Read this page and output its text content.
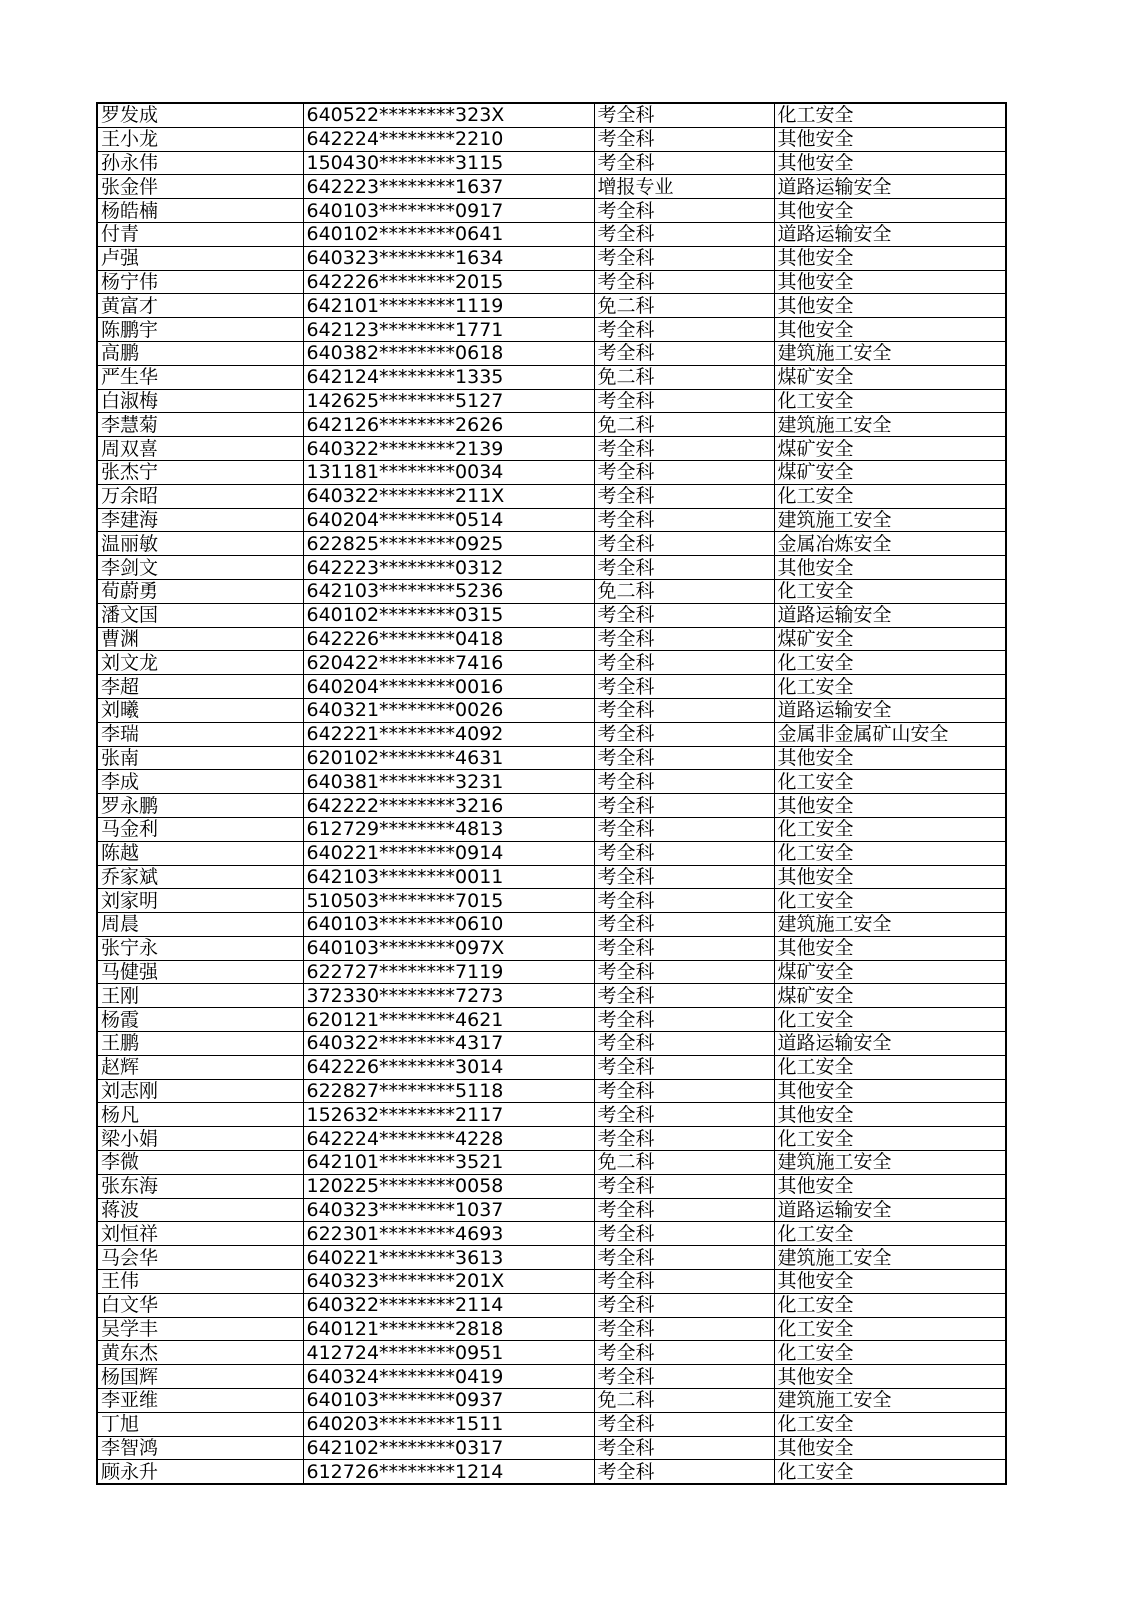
罗发成	640522********323X	考全科	化工安全
王小龙	642224********2210	考全科	其他安全
孙永伟	150430********3115	考全科	其他安全
张金伴	642223********1637	增报专业	道路运输安全
杨皓楠	640103********0917	考全科	其他安全
付青	640102********0641	考全科	道路运输安全
卢强	640323********1634	考全科	其他安全
杨宁伟	642226********2015	考全科	其他安全
黄富才	642101********1119	免二科	其他安全
陈鹏宇	642123********1771	考全科	其他安全
高鹏	640382********0618	考全科	建筑施工安全
严生华	642124********1335	免二科	煤矿安全
白淑梅	142625********5127	考全科	化工安全
李慧菊	642126********2626	免二科	建筑施工安全
周双喜	640322********2139	考全科	煤矿安全
张杰宁	131181********0034	考全科	煤矿安全
万余昭	640322********211X	考全科	化工安全
李建海	640204********0514	考全科	建筑施工安全
温丽敏	622825********0925	考全科	金属冶炼安全
李剑文	642223********0312	考全科	其他安全
荀蔚勇	642103********5236	免二科	化工安全
潘文国	640102********0315	考全科	道路运输安全
曹渊	642226********0418	考全科	煤矿安全
刘文龙	620422********7416	考全科	化工安全
李超	640204********0016	考全科	化工安全
刘曦	640321********0026	考全科	道路运输安全
李瑞	642221********4092	考全科	金属非金属矿山安全
张南	620102********4631	考全科	其他安全
李成	640381********3231	考全科	化工安全
罗永鹏	642222********3216	考全科	其他安全
马金利	612729********4813	考全科	化工安全
陈越	640221********0914	考全科	化工安全
乔家斌	642103********0011	考全科	其他安全
刘家明	510503********7015	考全科	化工安全
周晨	640103********0610	考全科	建筑施工安全
张宁永	640103********097X	考全科	其他安全
马健强	622727********7119	考全科	煤矿安全
王刚	372330********7273	考全科	煤矿安全
杨霞	620121********4621	考全科	化工安全
王鹏	640322********4317	考全科	道路运输安全
赵辉	642226********3014	考全科	化工安全
刘志刚	622827********5118	考全科	其他安全
杨凡	152632********2117	考全科	其他安全
梁小娟	642224********4228	考全科	化工安全
李微	642101********3521	免二科	建筑施工安全
张东海	120225********0058	考全科	其他安全
蒋波	640323********1037	考全科	道路运输安全
刘恒祥	622301********4693	考全科	化工安全
马会华	640221********3613	考全科	建筑施工安全
王伟	640323********201X	考全科	其他安全
白文华	640322********2114	考全科	化工安全
吴学丰	640121********2818	考全科	化工安全
黄东杰	412724********0951	考全科	化工安全
杨国辉	640324********0419	考全科	其他安全
李亚维	640103********0937	免二科	建筑施工安全
丁旭	640203********1511	考全科	化工安全
李智鸿	642102********0317	考全科	其他安全
顾永升	612726********1214	考全科	化工安全
